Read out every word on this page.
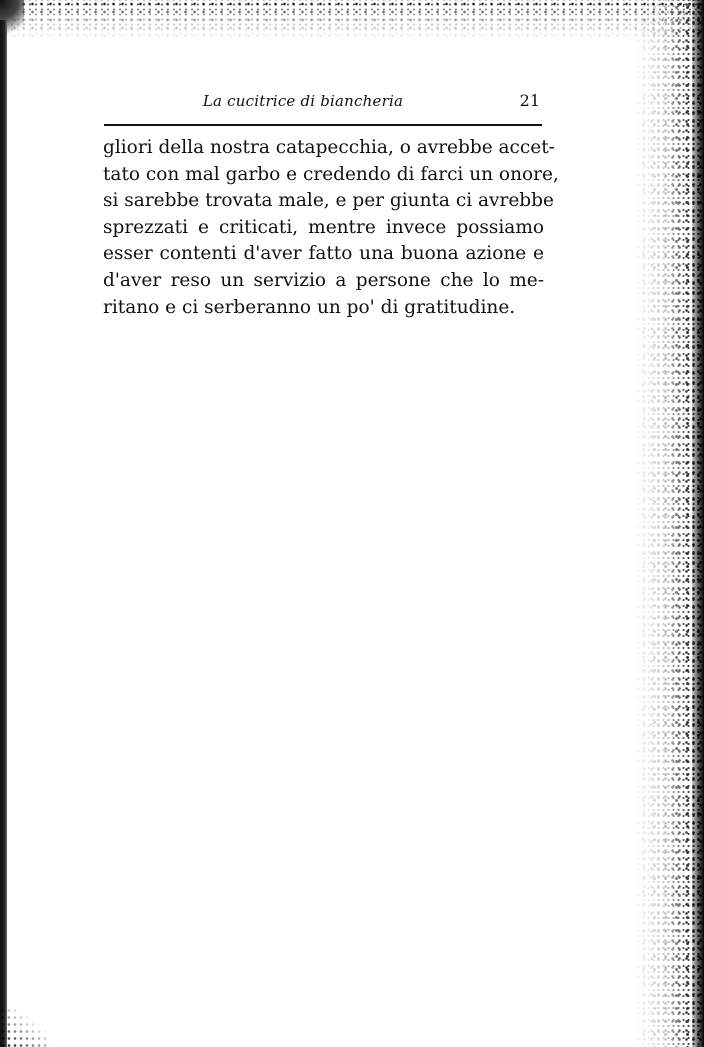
La cucitrice di biancheria	21
gliori della nostra catapecchia, o avrebbe accet-
tato con mal garbo e credendo di farci un onore,
si sarebbe trovata male, e per giunta ci avrebbe
sprezzati e criticati, mentre invece possiamo
esser contenti d'aver fatto una buona azione e
d'aver reso un servizio a persone che lo me-
ritano e ci serberanno un po' di gratitudine.
